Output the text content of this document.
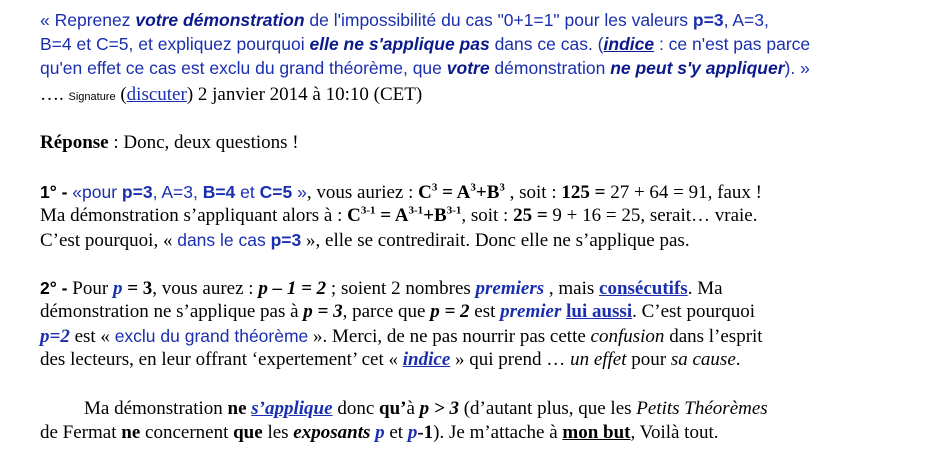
« Reprenez votre démonstration de l'impossibilité du cas "0+1=1" pour les valeurs p=3, A=3,
B=4 et C=5, et expliquez pourquoi elle ne s'applique pas dans ce cas. (indice : ce n'est pas parce
qu'en effet ce cas est exclu du grand théorème, que votre démonstration ne peut s'y appliquer). »
…. Signature (discuter) 2 janvier 2014 à 10:10 (CET)
Réponse : Donc, deux questions !
1° - «pour p=3, A=3, B=4 et C=5 », vous auriez : $C^3 = A^3+B^3$ , soit : 125 = 27 + 64 = 91, faux !
Ma démonstration s’appliquant alors à : $C^{3-1} = A^{3-1}+B^{3-1}$, soit : 25 = 9 + 16 = 25, serait… vraie.
C’est pourquoi, « dans le cas p=3 », elle se contredirait. Donc elle ne s’applique pas.
2° - Pour p = 3, vous aurez : p – 1 = 2 ; soient 2 nombres premiers , mais consécutifs. Ma
démonstration ne s’applique pas à p = 3, parce que p = 2 est premier lui aussi. C’est pourquoi
p=2 est « exclu du grand théorème ». Merci, de ne pas nourrir pas cette confusion dans l’esprit
des lecteurs, en leur offrant ‘expertement’ cet « indice » qui prend … un effet pour sa cause.
Ma démonstration ne s’applique donc qu’à p > 3 (d’autant plus, que les Petits Théorèmes
de Fermat ne concernent que les exposants p et p-1). Je m’attache à mon but, Voilà tout.
